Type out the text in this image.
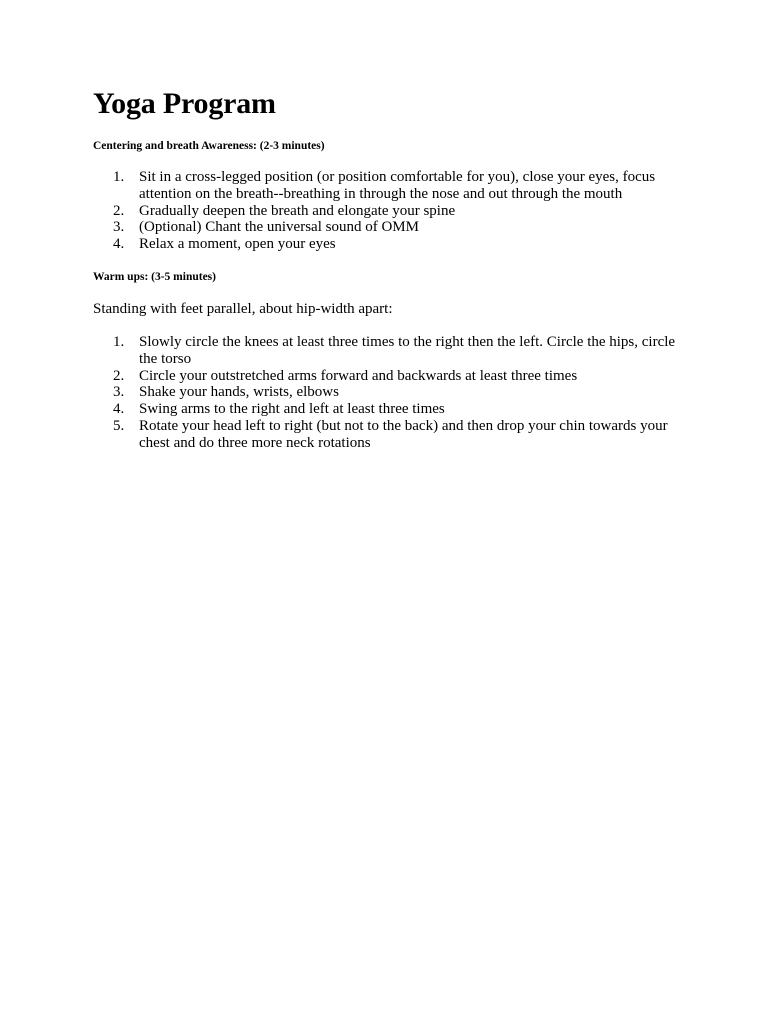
Yoga Program
Centering and breath Awareness: (2-3 minutes)
1. Sit in a cross-legged position (or position comfortable for you), close your eyes, focus attention on the breath--breathing in through the nose and out through the mouth
2. Gradually deepen the breath and elongate your spine
3. (Optional) Chant the universal sound of OMM
4. Relax a moment, open your eyes
Warm ups: (3-5 minutes)

Standing with feet parallel, about hip-width apart:

1. Slowly circle the knees at least three times to the right then the left. Circle the hips, circle the torso
2. Circle your outstretched arms forward and backwards at least three times
3. Shake your hands, wrists, elbows
4. Swing arms to the right and left at least three times
5. Rotate your head left to right (but not to the back) and then drop your chin towards your chest and do three more neck rotations
